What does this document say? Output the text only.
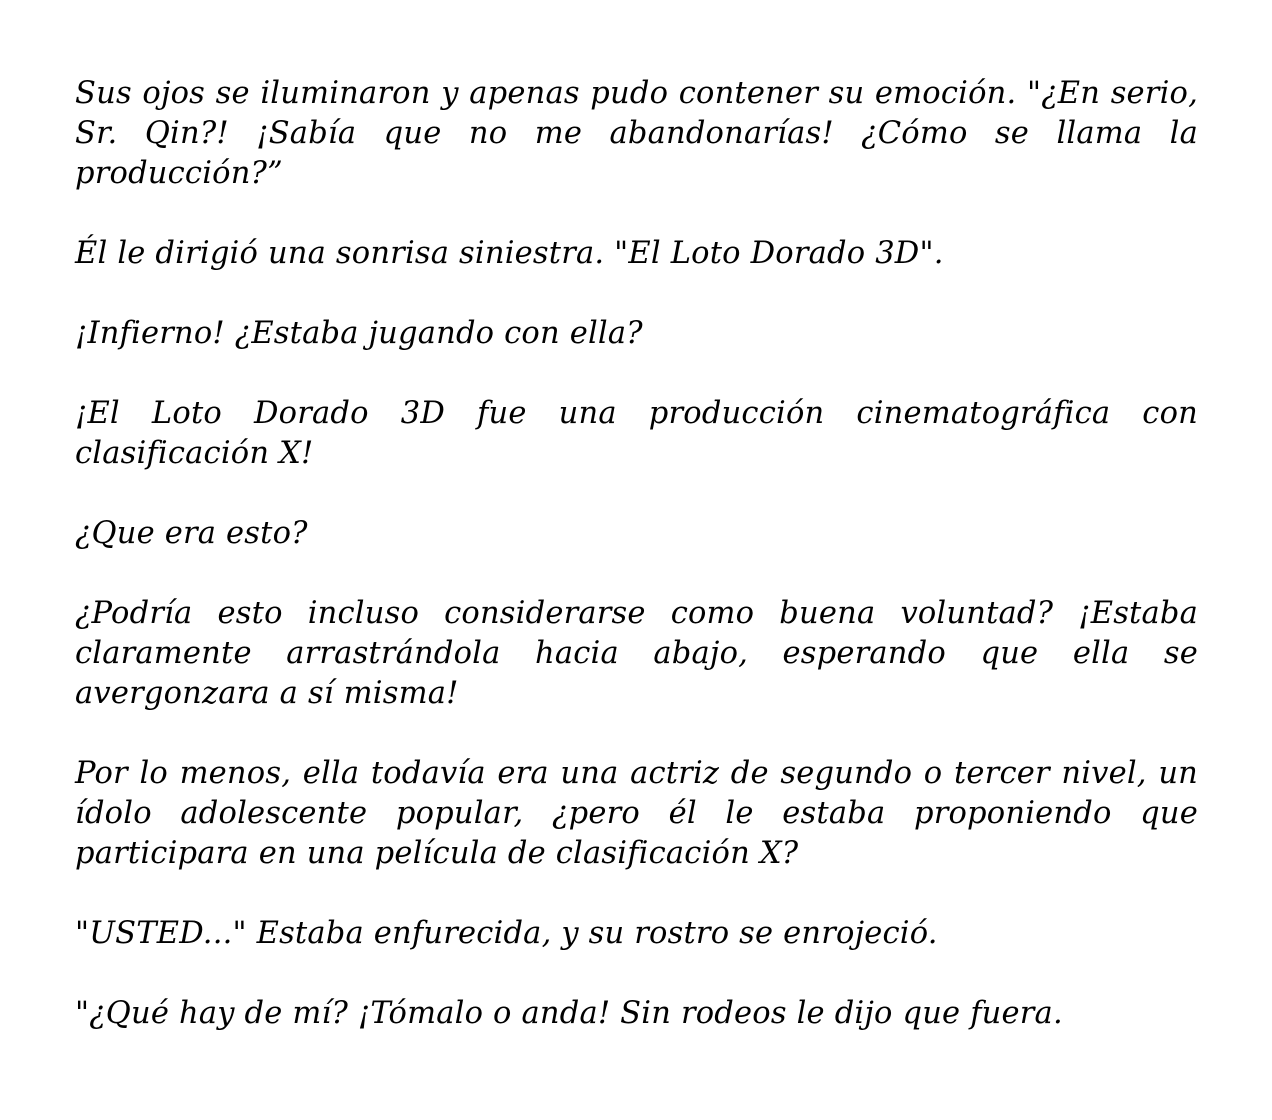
Sus ojos se iluminaron y apenas pudo contener su emoción. "¿En serio, Sr. Qin?! ¡Sabía que no me abandonarías! ¿Cómo se llama la producción?”

Él le dirigió una sonrisa siniestra. "El Loto Dorado 3D".

¡Infierno! ¿Estaba jugando con ella?

¡El Loto Dorado 3D fue una producción cinematográfica con clasificación X!

¿Que era esto?

¿Podría esto incluso considerarse como buena voluntad? ¡Estaba claramente arrastrándola hacia abajo, esperando que ella se avergonzara a sí misma!

Por lo menos, ella todavía era una actriz de segundo o tercer nivel, un ídolo adolescente popular, ¿pero él le estaba proponiendo que participara en una película de clasificación X?

"USTED..." Estaba enfurecida, y su rostro se enrojeció.

"¿Qué hay de mí? ¡Tómalo o anda! Sin rodeos le dijo que fuera.
